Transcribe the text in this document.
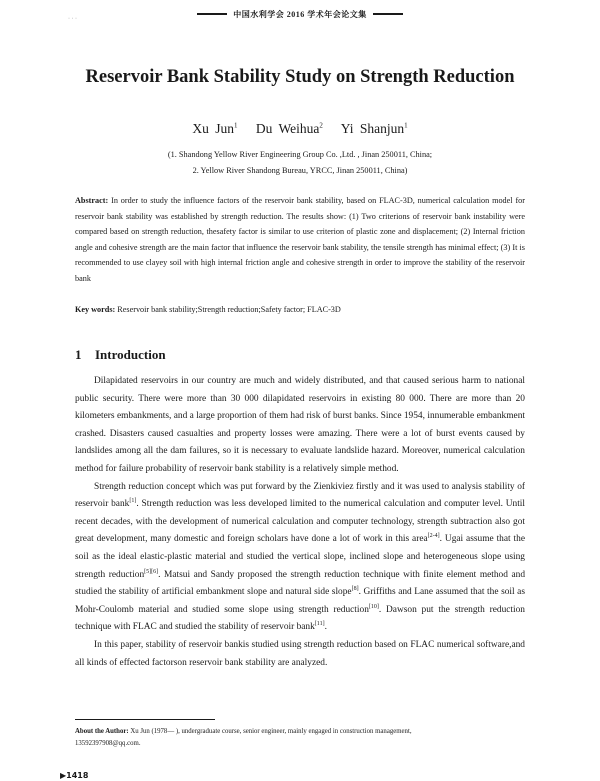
中国水利学会 2016 学术年会论文集
· · ·
Reservoir Bank Stability Study on Strength Reduction
Xu Jun$^1$ Du Weihua$^2$ Yi Shanjun$^1$
(1. Shandong Yellow River Engineering Group Co. ,Ltd. , Jinan 250011, China;
2. Yellow River Shandong Bureau, YRCC, Jinan 250011, China)
Abstract: In order to study the influence factors of the reservoir bank stability, based on FLAC-3D, numerical calculation model for reservoir bank stability was established by strength reduction. The results show: (1) Two criterions of reservoir bank instability were compared based on strength reduction, thesafety factor is similar to use criterion of plastic zone and displacement; (2) Internal friction angle and cohesive strength are the main factor that influence the reservoir bank stability, the tensile strength has minimal effect; (3) It is recommended to use clayey soil with high internal friction angle and cohesive strength in order to improve the stability of the reservoir bank
Key words: Reservoir bank stability;Strength reduction;Safety factor; FLAC-3D
1 Introduction

Dilapidated reservoirs in our country are much and widely distributed, and that caused serious harm to national public security. There were more than 30 000 dilapidated reservoirs in existing 80 000. There are more than 20 kilometers embankments, and a large proportion of them had risk of burst banks. Since 1954, innumerable embankment crashed. Disasters caused casualties and property losses were amazing. There were a lot of burst events caused by landslides among all the dam failures, so it is necessary to evaluate landslide hazard. Moreover, numerical calculation method for failure probability of reservoir bank stability is a relatively simple method.

Strength reduction concept which was put forward by the Zienkiviez firstly and it was used to analysis stability of reservoir bank[1]. Strength reduction was less developed limited to the numerical calculation and computer level. Until recent decades, with the development of numerical calculation and computer technology, strength subtraction also got great development, many domestic and foreign scholars have done a lot of work in this area[2-4]. Ugai assume that the soil as the ideal elastic-plastic material and studied the vertical slope, inclined slope and heterogeneous slope using strength reduction[5][6]. Matsui and Sandy proposed the strength reduction technique with finite element method and studied the stability of artificial embankment slope and natural side slope[8]. Griffiths and Lane assumed that the soil as Mohr-Coulomb material and studied some slope using strength reduction[10]. Dawson put the strength reduction technique with FLAC and studied the stability of reservoir bank[11].

In this paper, stability of reservoir bankis studied using strength reduction based on FLAC numerical software,and all kinds of effected factorson reservoir bank stability are analyzed.

About the Author: Xu Jun (1978— ), undergraduate course, senior engineer, mainly engaged in construction management,
13592397908@qq.com.
▶1418
